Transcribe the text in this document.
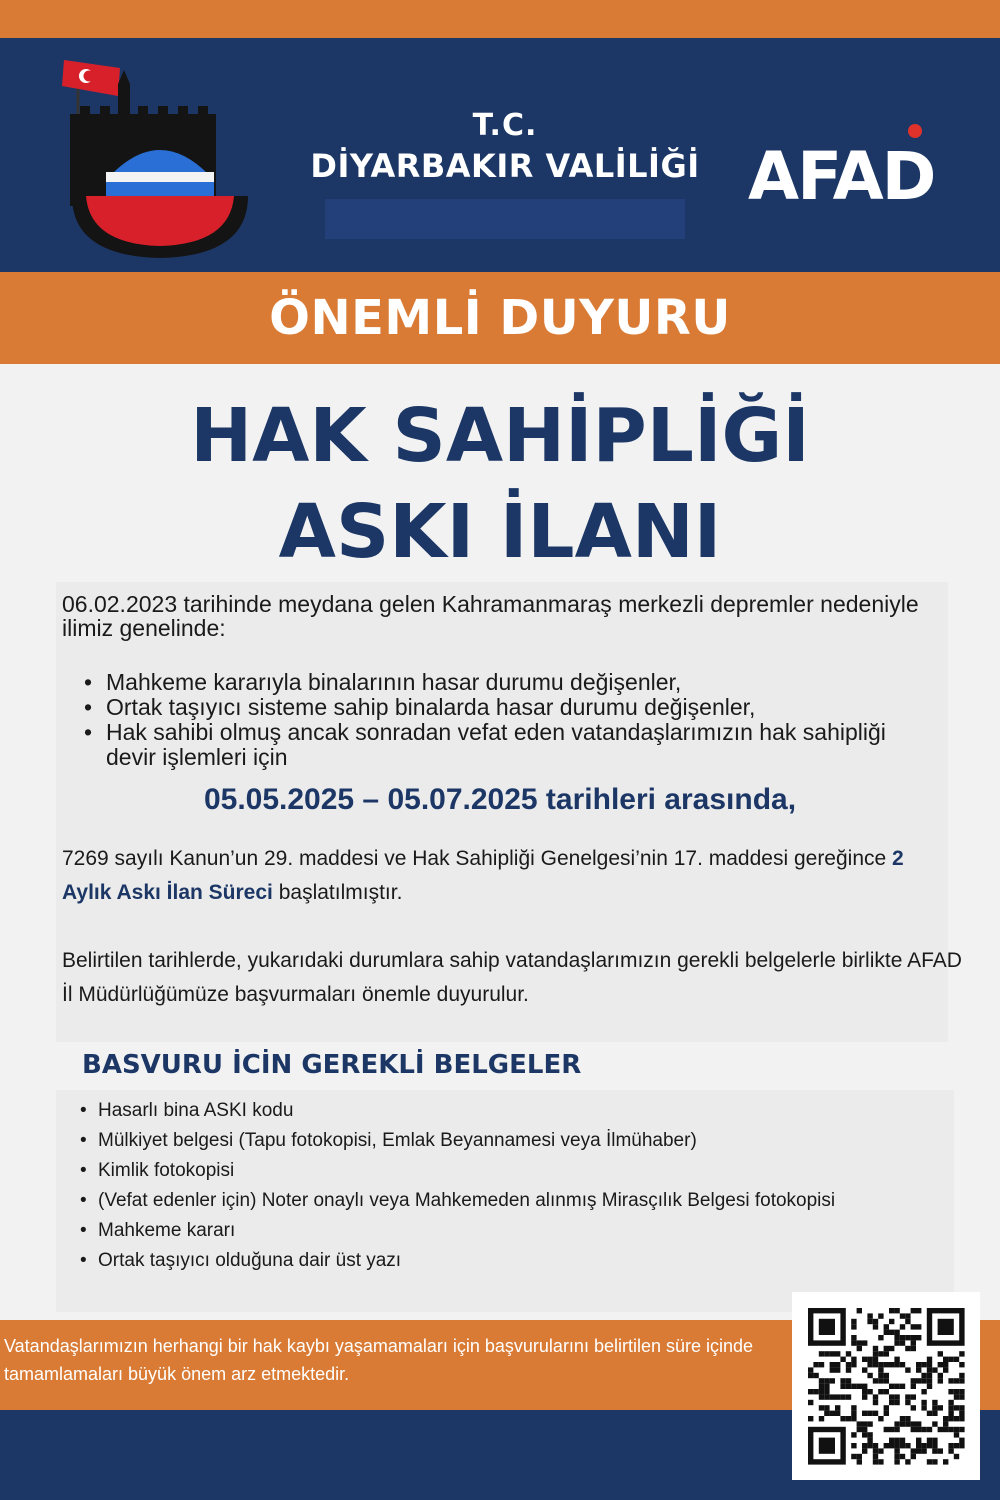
T.C.
DİYARBAKIR VALİLİĞİ AFAD
ÖNEMLİ DUYURU
HAK SAHİPLİĞİ
ASKI İLANI

06.02.2023 tarihinde meydana gelen Kahramanmaraş merkezli depremler nedeniyle ilimiz genelinde:

• Mahkeme kararıyla binalarının hasar durumu değişenler,
• Ortak taşıyıcı sisteme sahip binalarda hasar durumu değişenler,
• Hak sahibi olmuş ancak sonradan vefat eden vatandaşlarımızın hak sahipliği devir işlemleri için
05.05.2025 – 05.07.2025 tarihleri arasında,

7269 sayılı Kanun’un 29. maddesi ve Hak Sahipliği Genelgesi’nin 17. maddesi gereğince 2 Aylık Askı İlan Süreci başlatılmıştır.

Belirtilen tarihlerde, yukarıdaki durumlara sahip vatandaşlarımızın gerekli belgelerle birlikte AFAD İl Müdürlüğümüze başvurmaları önemle duyurulur.

BASVURU İCİN GEREKLİ BELGELER
• Hasarlı bina ASKI kodu
• Mülkiyet belgesi (Tapu fotokopisi, Emlak Beyannamesi veya İlmühaber)
• Kimlik fotokopisi
• (Vefat edenler için) Noter onaylı veya Mahkemeden alınmış Mirasçılık Belgesi fotokopisi
• Mahkeme kararı
• Ortak taşıyıcı olduğuna dair üst yazı

Vatandaşlarımızın herhangi bir hak kaybı yaşamamaları için başvurularını belirtilen süre içinde tamamlamaları büyük önem arz etmektedir.
